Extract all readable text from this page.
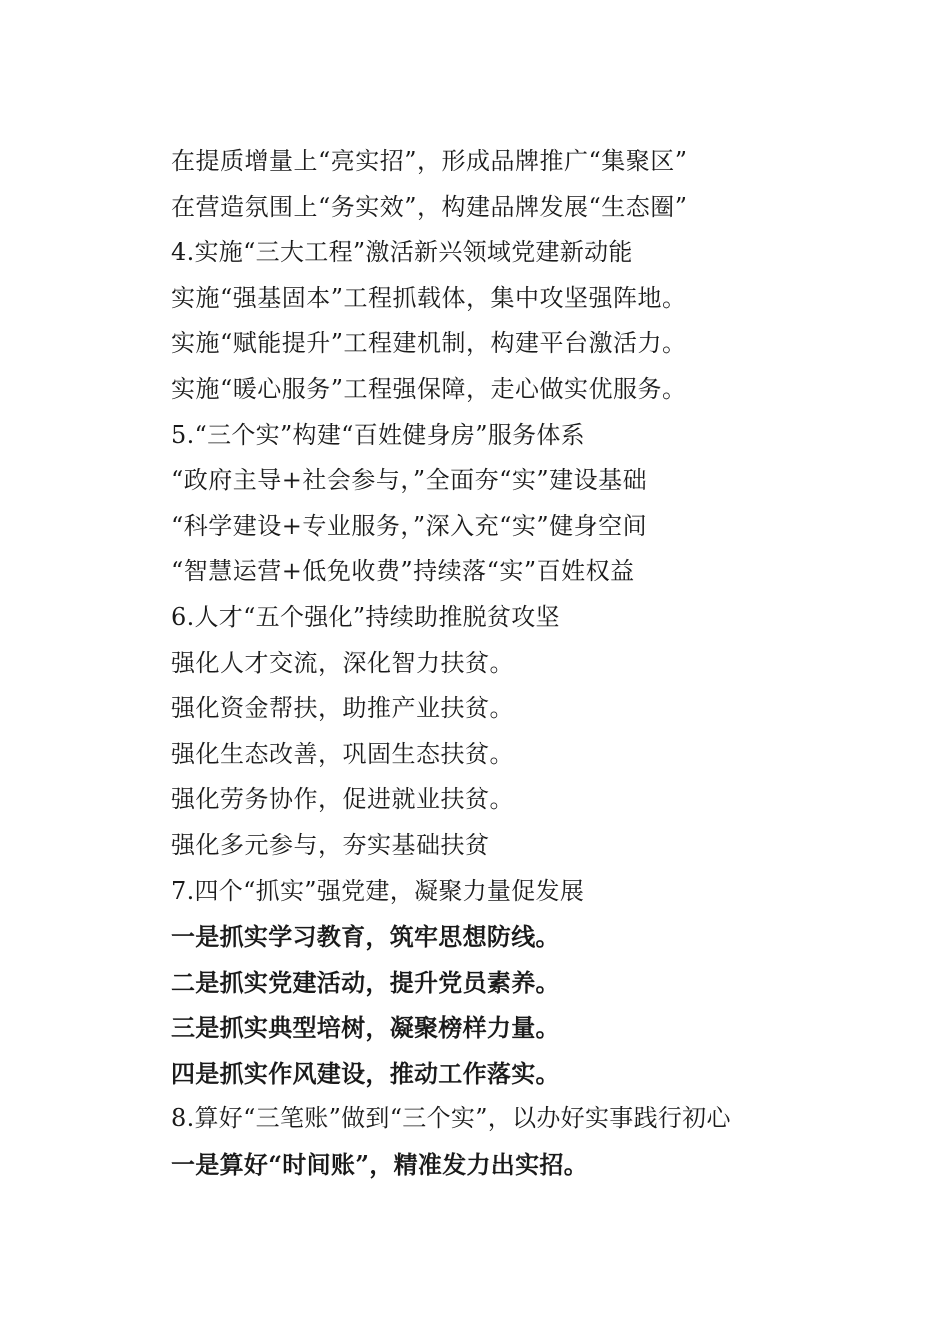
在提质增量上“亮实招”，形成品牌推广“集聚区”
在营造氛围上“务实效”，构建品牌发展“生态圈”
4.实施“三大工程”激活新兴领域党建新动能
实施“强基固本”工程抓载体，集中攻坚强阵地。
实施“赋能提升”工程建机制，构建平台激活力。
实施“暖心服务”工程强保障，走心做实优服务。
5.“三个实”构建“百姓健身房”服务体系
“政府主导+社会参与，”全面夯“实”建设基础
“科学建设+专业服务，”深入充“实”健身空间
“智慧运营+低免收费”持续落“实”百姓权益
6.人才“五个强化”持续助推脱贫攻坚
强化人才交流，深化智力扶贫。
强化资金帮扶，助推产业扶贫。
强化生态改善，巩固生态扶贫。
强化劳务协作，促进就业扶贫。
强化多元参与，夯实基础扶贫
7.四个“抓实”强党建，凝聚力量促发展
一是抓实学习教育，筑牢思想防线。
二是抓实党建活动，提升党员素养。
三是抓实典型培树，凝聚榜样力量。
四是抓实作风建设，推动工作落实。
8.算好“三笔账”做到“三个实”，以办好实事践行初心
一是算好“时间账”，精准发力出实招。
